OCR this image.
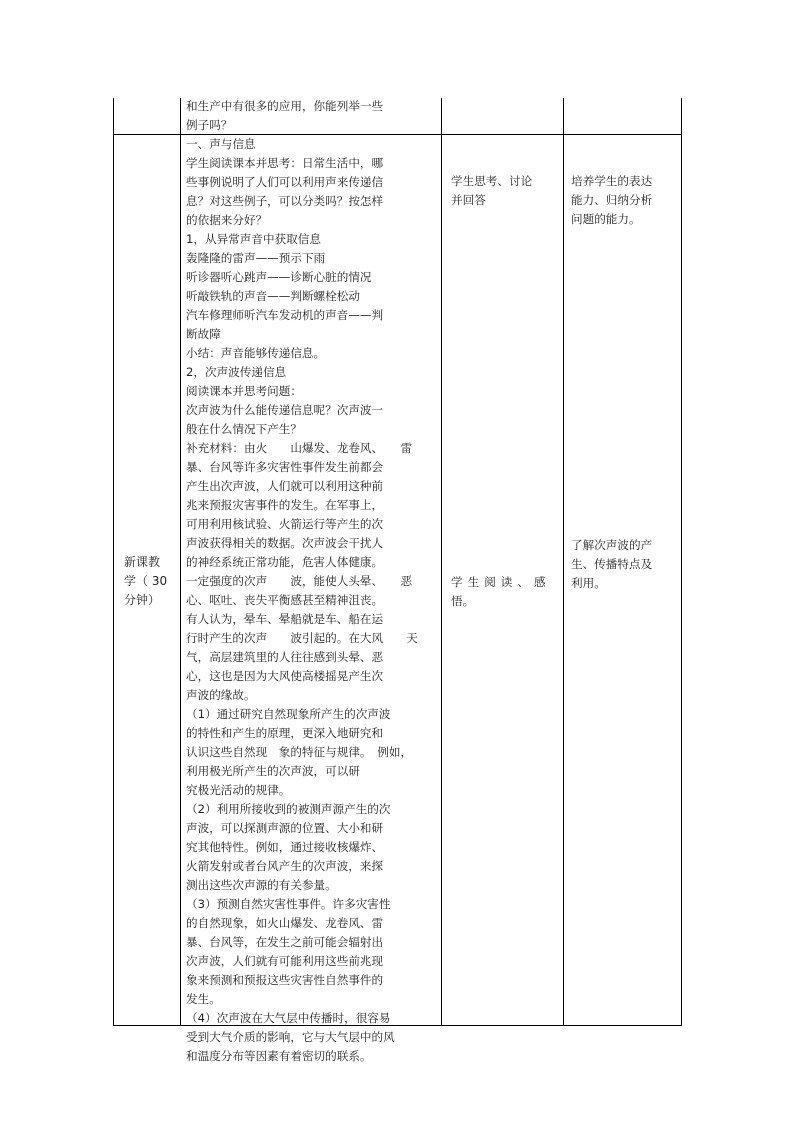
和生产中有很多的应用，你能列举一些
例子吗？
新课教
学（ 30
分钟）
一、声与信息
学生阅读课本并思考：日常生活中，哪
些事例说明了人们可以利用声来传递信
息？对这些例子，可以分类吗？按怎样
的依据来分好？
1，从异常声音中获取信息
轰隆隆的雷声——预示下雨
听诊器听心跳声——诊断心脏的情况
听敲铁轨的声音——判断螺栓松动
汽车修理师听汽车发动机的声音——判
断故障
小结：声音能够传递信息。
2，次声波传递信息
阅读课本并思考问题：
次声波为什么能传递信息呢？次声波一
般在什么情况下产生？
补充材料：由火　　山爆发、龙卷风、　　雷
暴、台风等许多灾害性事件发生前都会
产生出次声波，人们就可以利用这种前
兆来预报灾害事件的发生。在军事上，
可用利用核试验、火箭运行等产生的次
声波获得相关的数据。次声波会干扰人
的神经系统正常功能，危害人体健康。
一定强度的次声　　波，能使人头晕、　　恶
心、呕吐、丧失平衡感甚至精神沮丧。
有人认为，晕车、晕船就是车、船在运
行时产生的次声　　波引起的。在大风　　天
气，高层建筑里的人往往感到头晕、恶
心，这也是因为大风使高楼摇晃产生次
声波的缘故。
（1）通过研究自然现象所产生的次声波
的特性和产生的原理，更深入地研究和
认识这些自然现　象的特征与规律。　例如，
利用极光所产生的次声波，可以研
究极光活动的规律。
（2）利用所接收到的被测声源产生的次
声波，可以探测声源的位置、大小和研
究其他特性。例如，通过接收核爆炸、
火箭发射或者台风产生的次声波，来探
测出这些次声源的有关参量。
（3）预测自然灾害性事件。许多灾害性
的自然现象，如火山爆发、龙卷风、雷
暴、台风等，在发生之前可能会辐射出
次声波，人们就有可能利用这些前兆现
象来预测和预报这些灾害性自然事件的
发生。
（4）次声波在大气层中传播时，很容易
受到大气介质的影响，它与大气层中的风
和温度分布等因素有着密切的联系。
学生思考、讨论
并回答
学生阅读、感
悟。
培养学生的表达
能力、归纳分析
问题的能力。
了解次声波的产
生、传播特点及
利用。
